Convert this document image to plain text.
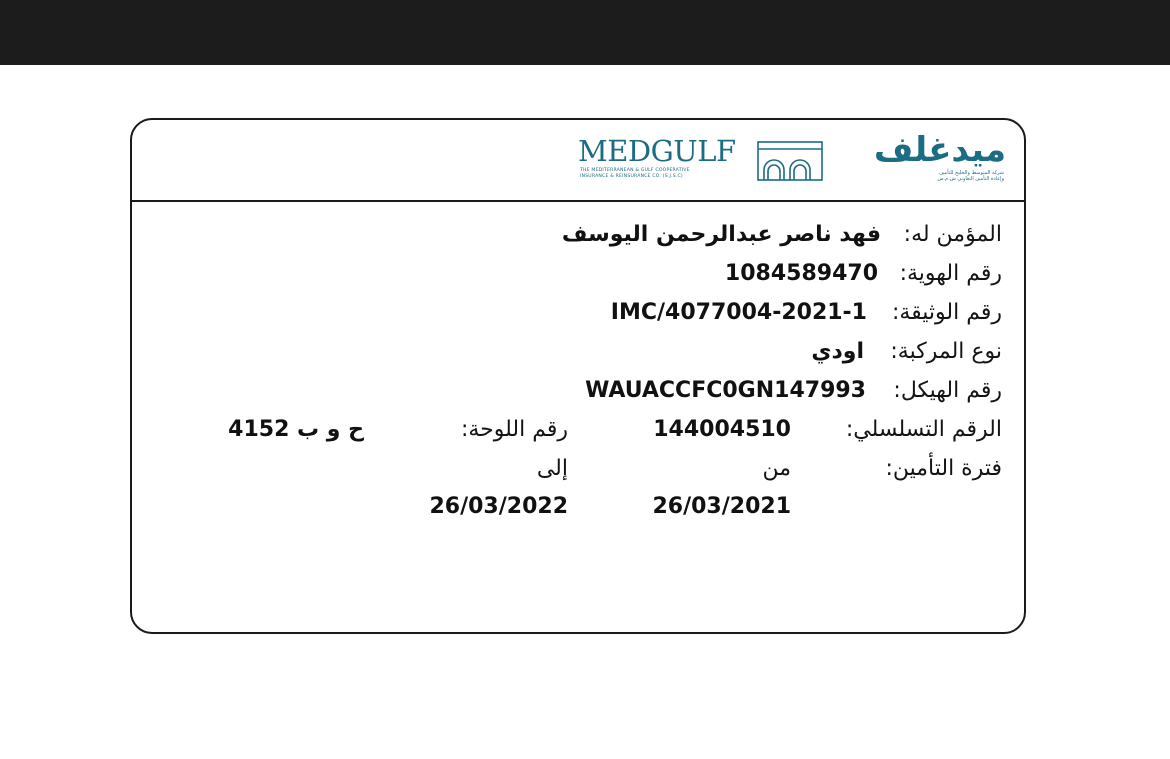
MEDGULF
THE MEDITERRANEAN & GULF COOPERATIVE
INSURANCE & REINSURANCE CO. (S.J.S.C)
ميدغلف
شركة المتوسط والخليج للتأمين
وإعادة التأمين التعاوني ش.م.س
المؤمن له:
فهد ناصر عبدالرحمن اليوسف
رقم الهوية:
1084589470
رقم الوثيقة:
IMC/4077004-2021-1
نوع المركبة:
اودي
رقم الهيكل:
WAUACCFC0GN147993
الرقم التسلسلي:
144004510
رقم اللوحة:
ح و ب 4152
فترة التأمين:
من
إلى
26/03/2021
26/03/2022
